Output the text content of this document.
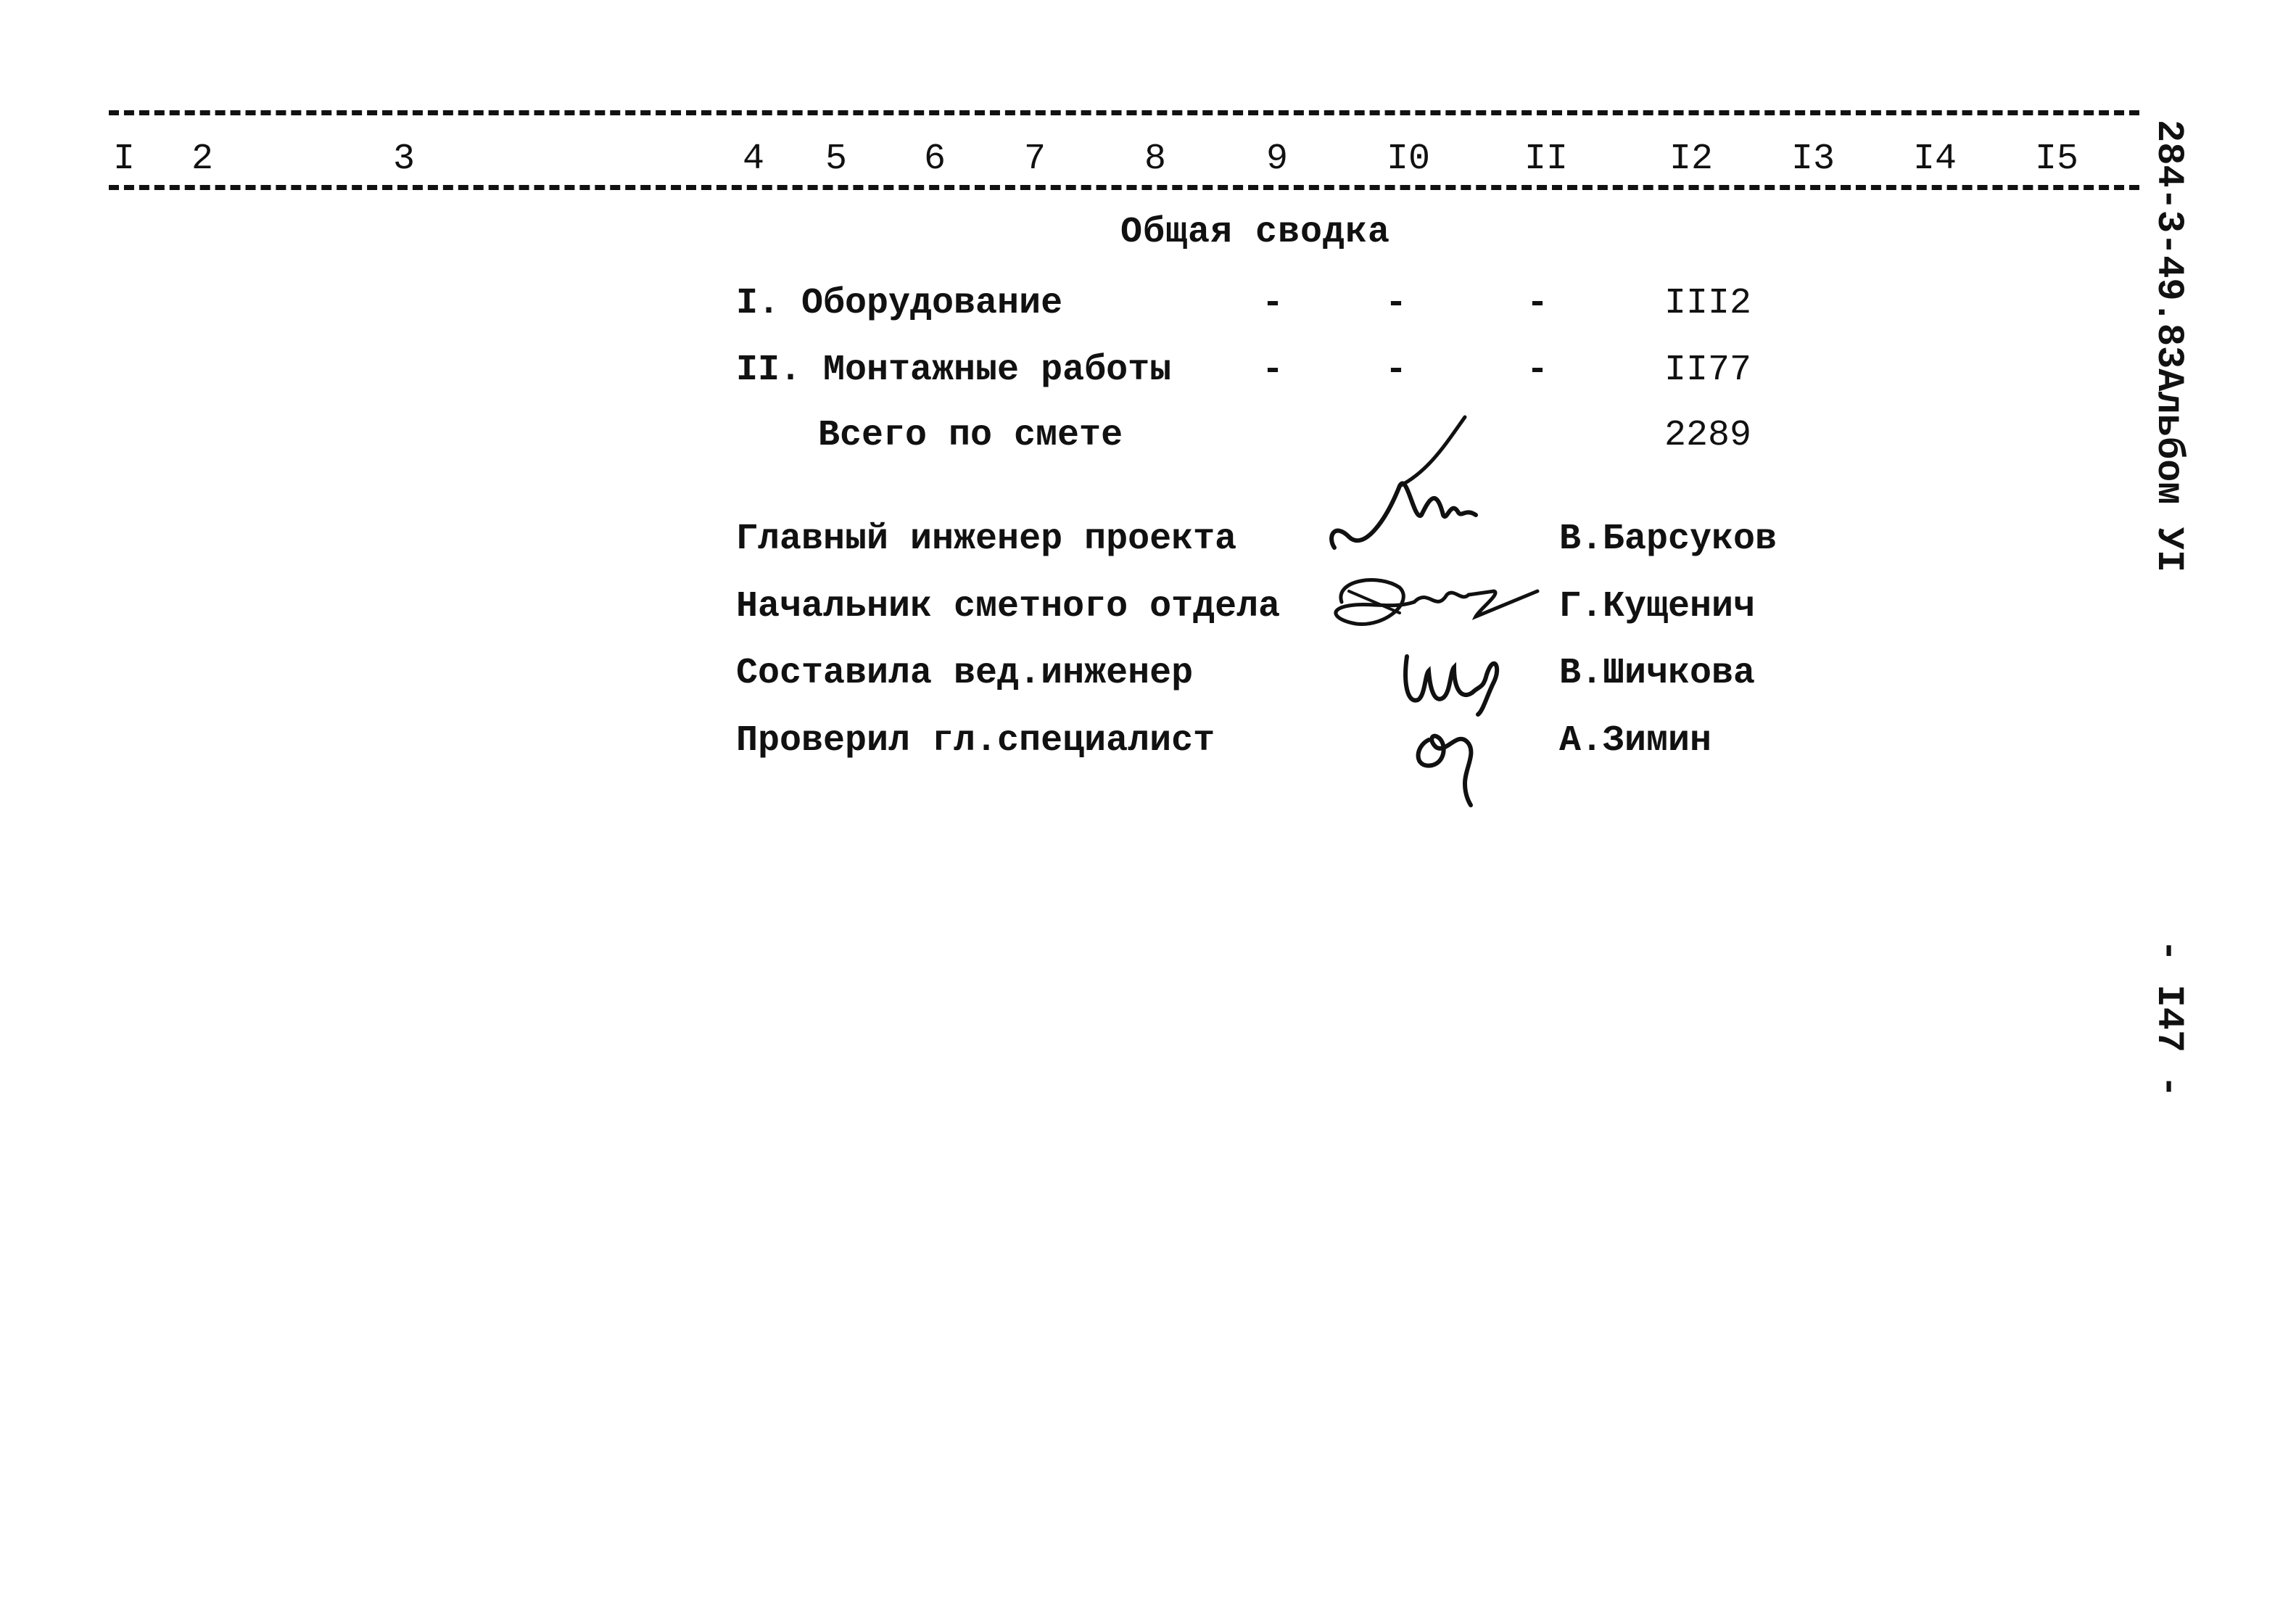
I 2	3	4 5 6 7	8	9	I0	II	I2 I3 I4 I5
Общая сводка
I. Оборудование	-	-	-	III2
II. Монтажные работы -	-	-	II77
Всего по смете	2289
Главный инженер проекта	В.Барсуков
Начальник сметного отдела	Г.Кущенич
Составила вед.инженер	В.Шичкова
Проверил гл.специалист	А.Зимин
284-3-49.83Альбом УI
- I47 -
